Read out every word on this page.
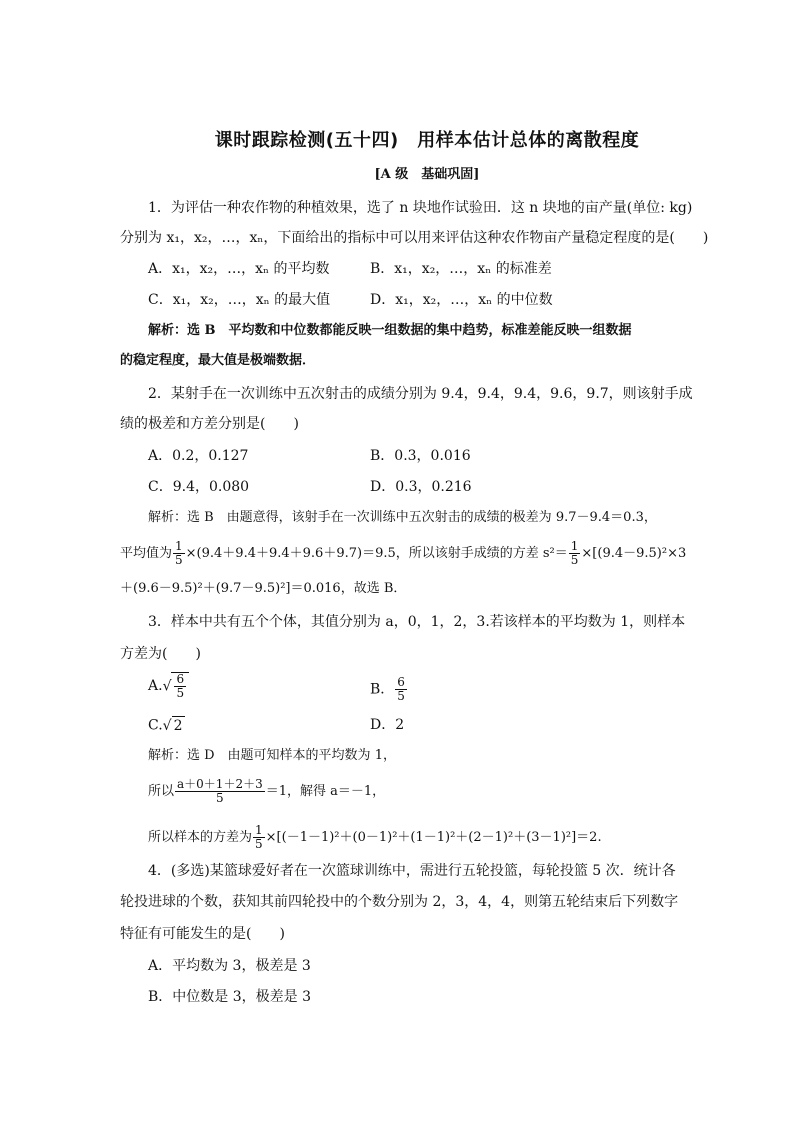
课时跟踪检测(五十四)　用样本估计总体的离散程度
[A 级　基础巩固]
1．为评估一种农作物的种植效果，选了 n 块地作试验田．这 n 块地的亩产量(单位: kg)
分别为 x₁，x₂，…，xₙ，下面给出的指标中可以用来评估这种农作物亩产量稳定程度的是(　　)
A．x₁，x₂，…，xₙ 的平均数	B．x₁，x₂，…，xₙ 的标准差
C．x₁，x₂，…，xₙ 的最大值	D．x₁，x₂，…，xₙ 的中位数
解析：选 B　平均数和中位数都能反映一组数据的集中趋势，标准差能反映一组数据
的稳定程度，最大值是极端数据．
2．某射手在一次训练中五次射击的成绩分别为 9.4，9.4，9.4，9.6，9.7，则该射手成
绩的极差和方差分别是(　　)
A．0.2，0.127	B．0.3，0.016
C．9.4，0.080	D．0.3，0.216
解析：选 B　由题意得，该射手在一次训练中五次射击的成绩的极差为 9.7－9.4＝0.3，
平均值为 $\frac{1}{5} \times(9.4+9.4+9.4+9.6+9.7)=9.5$，所以该射手成绩的方差 $s^2= \frac{1}{5} \times[(9.4-9.5)^2\times 3$
＋(9.6－9.5)²＋(9.7－9.5)²]＝0.016，故选 B．
3．样本中共有五个个体，其值分别为 a，0，1，2，3.若该样本的平均数为 1，则样本
方差为(　　)
$A.√ \frac{6}{5}$	B． $\frac{6}{5}$
C.√ 2	D．2
解析：选 D　由题可知样本的平均数为 1，
所以 $\frac{a+0+1+2+3}{5} =1$，解得 a＝－1，
所以样本的方差为 $\frac{1}{5} \times[(-1-1)^2+(0-1)^2+(1-1)^2+(2-1)^2+(3-1)^2]=2$.
4．(多选)某篮球爱好者在一次篮球训练中，需进行五轮投篮，每轮投篮 5 次．统计各
轮投进球的个数，获知其前四轮投中的个数分别为 2，3，4，4，则第五轮结束后下列数字
特征有可能发生的是(　　)
A．平均数为 3，极差是 3
B．中位数是 3，极差是 3
